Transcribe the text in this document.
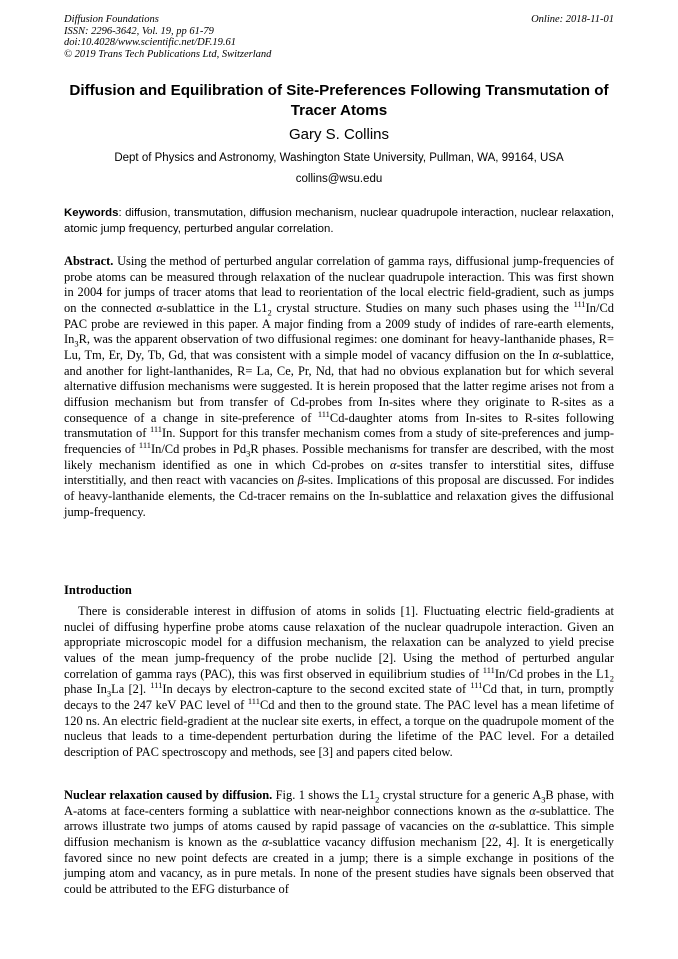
Diffusion Foundations
ISSN: 2296-3642, Vol. 19, pp 61-79
doi:10.4028/www.scientific.net/DF.19.61
© 2019 Trans Tech Publications Ltd, Switzerland
Online: 2018-11-01
Diffusion and Equilibration of Site-Preferences Following Transmutation of Tracer Atoms
Gary S. Collins
Dept of Physics and Astronomy, Washington State University, Pullman, WA, 99164, USA
collins@wsu.edu
Keywords: diffusion, transmutation, diffusion mechanism, nuclear quadrupole interaction, nuclear relaxation, atomic jump frequency, perturbed angular correlation.
Abstract. Using the method of perturbed angular correlation of gamma rays, diffusional jump-frequencies of probe atoms can be measured through relaxation of the nuclear quadrupole interaction. This was first shown in 2004 for jumps of tracer atoms that lead to reorientation of the local electric field-gradient, such as jumps on the connected α-sublattice in the $L1_2$ crystal structure. Studies on many such phases using the $^{111}$In/Cd PAC probe are reviewed in this paper. A major finding from a 2009 study of indides of rare-earth elements, $In_3R$, was the apparent observation of two diffusional regimes: one dominant for heavy-lanthanide phases, R= Lu, Tm, Er, Dy, Tb, Gd, that was consistent with a simple model of vacancy diffusion on the In α-sublattice, and another for light-lanthanides, R= La, Ce, Pr, Nd, that had no obvious explanation but for which several alternative diffusion mechanisms were suggested. It is herein proposed that the latter regime arises not from a diffusion mechanism but from transfer of Cd-probes from In-sites where they originate to R-sites as a consequence of a change in site-preference of $^{111}$Cd-daughter atoms from In-sites to R-sites following transmutation of $^{111}$In. Support for this transfer mechanism comes from a study of site-preferences and jump-frequencies of $^{111}$In/Cd probes in $Pd_3R$ phases. Possible mechanisms for transfer are described, with the most likely mechanism identified as one in which Cd-probes on α-sites transfer to interstitial sites, diffuse interstitially, and then react with vacancies on β-sites. Implications of this proposal are discussed. For indides of heavy-lanthanide elements, the Cd-tracer remains on the In-sublattice and relaxation gives the diffusional jump-frequency.
Introduction
There is considerable interest in diffusion of atoms in solids [1]. Fluctuating electric field-gradients at nuclei of diffusing hyperfine probe atoms cause relaxation of the nuclear quadrupole interaction. Given an appropriate microscopic model for a diffusion mechanism, the relaxation can be analyzed to yield precise values of the mean jump-frequency of the probe nuclide [2]. Using the method of perturbed angular correlation of gamma rays (PAC), this was first observed in equilibrium studies of $^{111}$In/Cd probes in the $L1_2$ phase $In_3La$ [2]. $^{111}$In decays by electron-capture to the second excited state of $^{111}$Cd that, in turn, promptly decays to the 247 keV PAC level of $^{111}$Cd and then to the ground state. The PAC level has a mean lifetime of 120 ns. An electric field-gradient at the nuclear site exerts, in effect, a torque on the quadrupole moment of the nucleus that leads to a time-dependent perturbation during the lifetime of the PAC level. For a detailed description of PAC spectroscopy and methods, see [3] and papers cited below.
Nuclear relaxation caused by diffusion. Fig. 1 shows the $L1_2$ crystal structure for a generic $A_3B$ phase, with A-atoms at face-centers forming a sublattice with near-neighbor connections known as the α-sublattice. The arrows illustrate two jumps of atoms caused by rapid passage of vacancies on the α-sublattice. This simple diffusion mechanism is known as the α-sublattice vacancy diffusion mechanism [22, 4]. It is energetically favored since no new point defects are created in a jump; there is a simple exchange in positions of the jumping atom and vacancy, as in pure metals. In none of the present studies have signals been observed that could be attributed to the EFG disturbance of
